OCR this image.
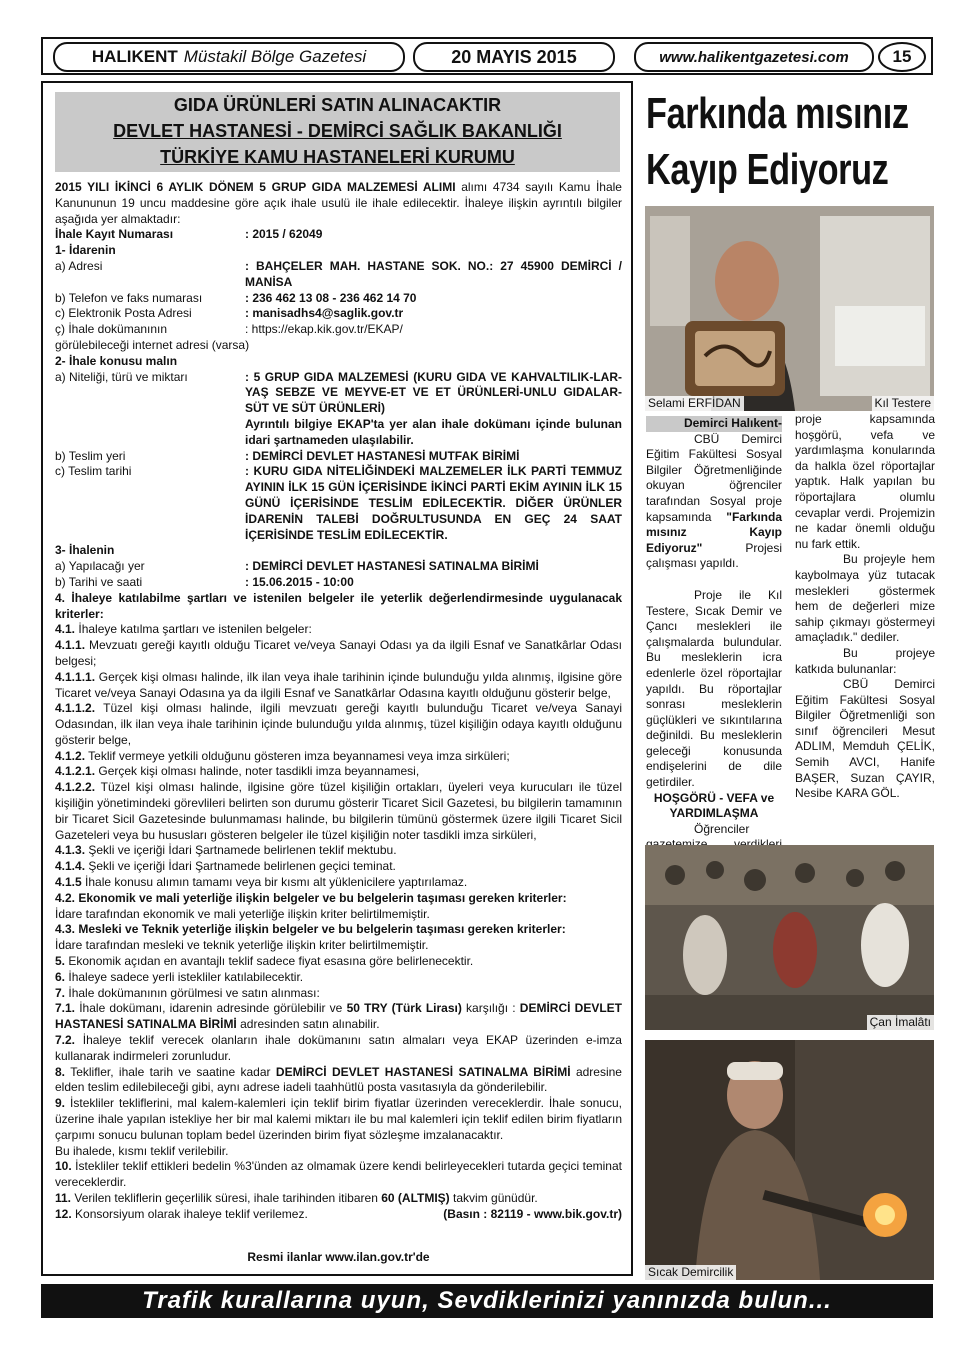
HALIKENT Müstakil Bölge Gazetesi	20 MAYIS 2015	www.halikentgazetesi.com	15
GIDA ÜRÜNLERİ SATIN ALINACAKTIR
DEVLET HASTANESİ - DEMİRCİ SAĞLIK BAKANLIĞI
TÜRKİYE KAMU HASTANELERİ KURUMU

2015 YILI İKİNCİ 6 AYLIK DÖNEM 5 GRUP GIDA MALZEMESİ ALIMI alımı 4734 sayılı Kamu İhale Kanununun 19 uncu maddesine göre açık ihale usulü ile ihale edilecektir. İhaleye ilişkin ayrıntılı bilgiler aşağıda yer almaktadır:

İhale Kayıt Numarası	: 2015 / 62049

1- İdarenin

a) Adresi	: BAHÇELER MAH. HASTANE SOK. NO.: 27 45900 DEMİRCİ / MANİSA
b) Telefon ve faks numarası	: 236 462 13 08 - 236 462 14 70
c) Elektronik Posta Adresi	: manisadhs4@saglik.gov.tr
ç) İhale dokümanının	: https://ekap.kik.gov.tr/EKAP/

görülebileceği internet adresi (varsa)

2- İhale konusu malın

a) Niteliği, türü ve miktarı	: 5 GRUP GIDA MALZEMESİ (KURU GIDA VE KAHVALTILIK-LAR-YAŞ SEBZE VE MEYVE-ET VE ET ÜRÜNLERİ-UNLU GIDALAR-SÜT VE SÜT ÜRÜNLERİ)

Ayrıntılı bilgiye EKAP'ta yer alan ihale dokümanı içinde bulunan idari şartnameden ulaşılabilir.

b) Teslim yeri	: DEMİRCİ DEVLET HASTANESİ MUTFAK BİRİMİ
c) Teslim tarihi	: KURU GIDA NİTELİĞİNDEKİ MALZEMELER İLK PARTİ TEMMUZ AYININ İLK 15 GÜN İÇERİSİNDE İKİNCİ PARTİ EKİM AYININ İLK 15 GÜNÜ İÇERİSİNDE TESLİM EDİLECEKTİR. DİĞER ÜRÜNLER İDARENİN TALEBİ DOĞRULTUSUNDA EN GEÇ 24 SAAT İÇERİSİNDE TESLİM EDİLECEKTİR.

3- İhalenin

a) Yapılacağı yer	: DEMİRCİ DEVLET HASTANESİ SATINALMA BİRİMİ
b) Tarihi ve saati	: 15.06.2015 - 10:00

4. İhaleye katılabilme şartları ve istenilen belgeler ile yeterlik değerlendirmesinde uygulanacak kriterler:

4.1. İhaleye katılma şartları ve istenilen belgeler:

4.1.1. Mevzuatı gereği kayıtlı olduğu Ticaret ve/veya Sanayi Odası ya da ilgili Esnaf ve Sanatkârlar Odası belgesi;

4.1.1.1. Gerçek kişi olması halinde, ilk ilan veya ihale tarihinin içinde bulunduğu yılda alınmış, ilgisine göre Ticaret ve/veya Sanayi Odasına ya da ilgili Esnaf ve Sanatkârlar Odasına kayıtlı olduğunu gösterir belge,

4.1.1.2. Tüzel kişi olması halinde, ilgili mevzuatı gereği kayıtlı bulunduğu Ticaret ve/veya Sanayi Odasından, ilk ilan veya ihale tarihinin içinde bulunduğu yılda alınmış, tüzel kişiliğin odaya kayıtlı olduğunu gösterir belge,

4.1.2. Teklif vermeye yetkili olduğunu gösteren imza beyannamesi veya imza sirküleri;

4.1.2.1. Gerçek kişi olması halinde, noter tasdikli imza beyannamesi,

4.1.2.2. Tüzel kişi olması halinde, ilgisine göre tüzel kişiliğin ortakları, üyeleri veya kurucuları ile tüzel kişiliğin yönetimindeki görevlileri belirten son durumu gösterir Ticaret Sicil Gazetesi, bu bilgilerin tamamının bir Ticaret Sicil Gazetesinde bulunmaması halinde, bu bilgilerin tümünü göstermek üzere ilgili Ticaret Sicil Gazeteleri veya bu hususları gösteren belgeler ile tüzel kişiliğin noter tasdikli imza sirküleri,

4.1.3. Şekli ve içeriği İdari Şartnamede belirlenen teklif mektubu.

4.1.4. Şekli ve içeriği İdari Şartnamede belirlenen geçici teminat.

4.1.5 İhale konusu alımın tamamı veya bir kısmı alt yüklenicilere yaptırılamaz.

4.2. Ekonomik ve mali yeterliğe ilişkin belgeler ve bu belgelerin taşıması gereken kriterler:

İdare tarafından ekonomik ve mali yeterliğe ilişkin kriter belirtilmemiştir.

4.3. Mesleki ve Teknik yeterliğe ilişkin belgeler ve bu belgelerin taşıması gereken kriterler:

İdare tarafından mesleki ve teknik yeterliğe ilişkin kriter belirtilmemiştir.

5. Ekonomik açıdan en avantajlı teklif sadece fiyat esasına göre belirlenecektir.

6. İhaleye sadece yerli istekliler katılabilecektir.

7. İhale dokümanının görülmesi ve satın alınması:

7.1. İhale dokümanı, idarenin adresinde görülebilir ve 50 TRY (Türk Lirası) karşılığı : DEMİRCİ DEVLET HASTANESİ SATINALMA BİRİMİ adresinden satın alınabilir.

7.2. İhaleye teklif verecek olanların ihale dokümanını satın almaları veya EKAP üzerinden e-imza kullanarak indirmeleri zorunludur.

8. Teklifler, ihale tarih ve saatine kadar DEMİRCİ DEVLET HASTANESİ SATINALMA BİRİMİ adresine elden teslim edilebileceği gibi, aynı adrese iadeli taahhütlü posta vasıtasıyla da gönderilebilir.

9. İstekliler tekliflerini, mal kalem-kalemleri için teklif birim fiyatlar üzerinden vereceklerdir. İhale sonucu, üzerine ihale yapılan istekliye her bir mal kalemi miktarı ile bu mal kalemleri için teklif edilen birim fiyatların çarpımı sonucu bulunan toplam bedel üzerinden birim fiyat sözleşme imzalanacaktır.

Bu ihalede, kısmı teklif verilebilir.

10. İstekliler teklif ettikleri bedelin %3'ünden az olmamak üzere kendi belirleyecekleri tutarda geçici teminat vereceklerdir.

11. Verilen tekliflerin geçerlilik süresi, ihale tarihinden itibaren 60 (ALTMIŞ) takvim günüdür.

12. Konsorsiyum olarak ihaleye teklif verilemez.	(Basın : 82119 - www.bik.gov.tr)
Resmi ilanlar www.ilan.gov.tr'de
Farkında mısınız
Kayıp Ediyoruz
Selami ERFİDAN	Kıl Testere

Demirci Halıkent-

CBÜ Demirci Eğitim Fakültesi Sosyal Bilgiler Öğretmenliğinde okuyan öğrenciler tarafından Sosyal proje kapsamında "Farkında mısınız Kayıp Ediyoruz"	Projesi çalışması yapıldı.

Proje ile Kıl Testere, Sıcak Demir ve Çancı meslekleri ile çalışmalarda bulundular. Bu mesleklerin icra edenlerle özel röportajlar yapıldı. Bu röportajlar sonrası mesleklerin güçlükleri ve sıkıntılarına değinildi. Bu mesleklerin geleceği konusunda endişelerini de dile getirdiler.

HOŞGÖRÜ - VEFA ve YARDIMLAŞMA

Öğrenciler

proje kapsamında hoşgörü, vefa ve yardımlaşma konularında da halkla özel röportajlar yaptık. Halk yapılan bu röportajlara olumlu cevaplar verdi. Projemizin ne kadar önemli olduğu nu fark ettik.

Bu projeyle hem kaybolmaya yüz tutacak meslekleri göstermek hem de değerleri mize sahip çıkmayı göstermeyi amaçladık." dediler.

Bu projeye katkıda bulunanlar:

CBÜ Demirci Eğitim Fakültesi Sosyal Bilgiler Öğretmenliği son sınıf öğrencileri Mesut ADLIM, Memduh ÇELİK, Semih AVCI, Hanife BAŞER, Suzan ÇAYIR, Nesibe KARA GÖL.

Çan İmalâtı
Sıcak Demircilik
Trafik kurallarına uyun, Sevdiklerinizi yanınızda bulun...
